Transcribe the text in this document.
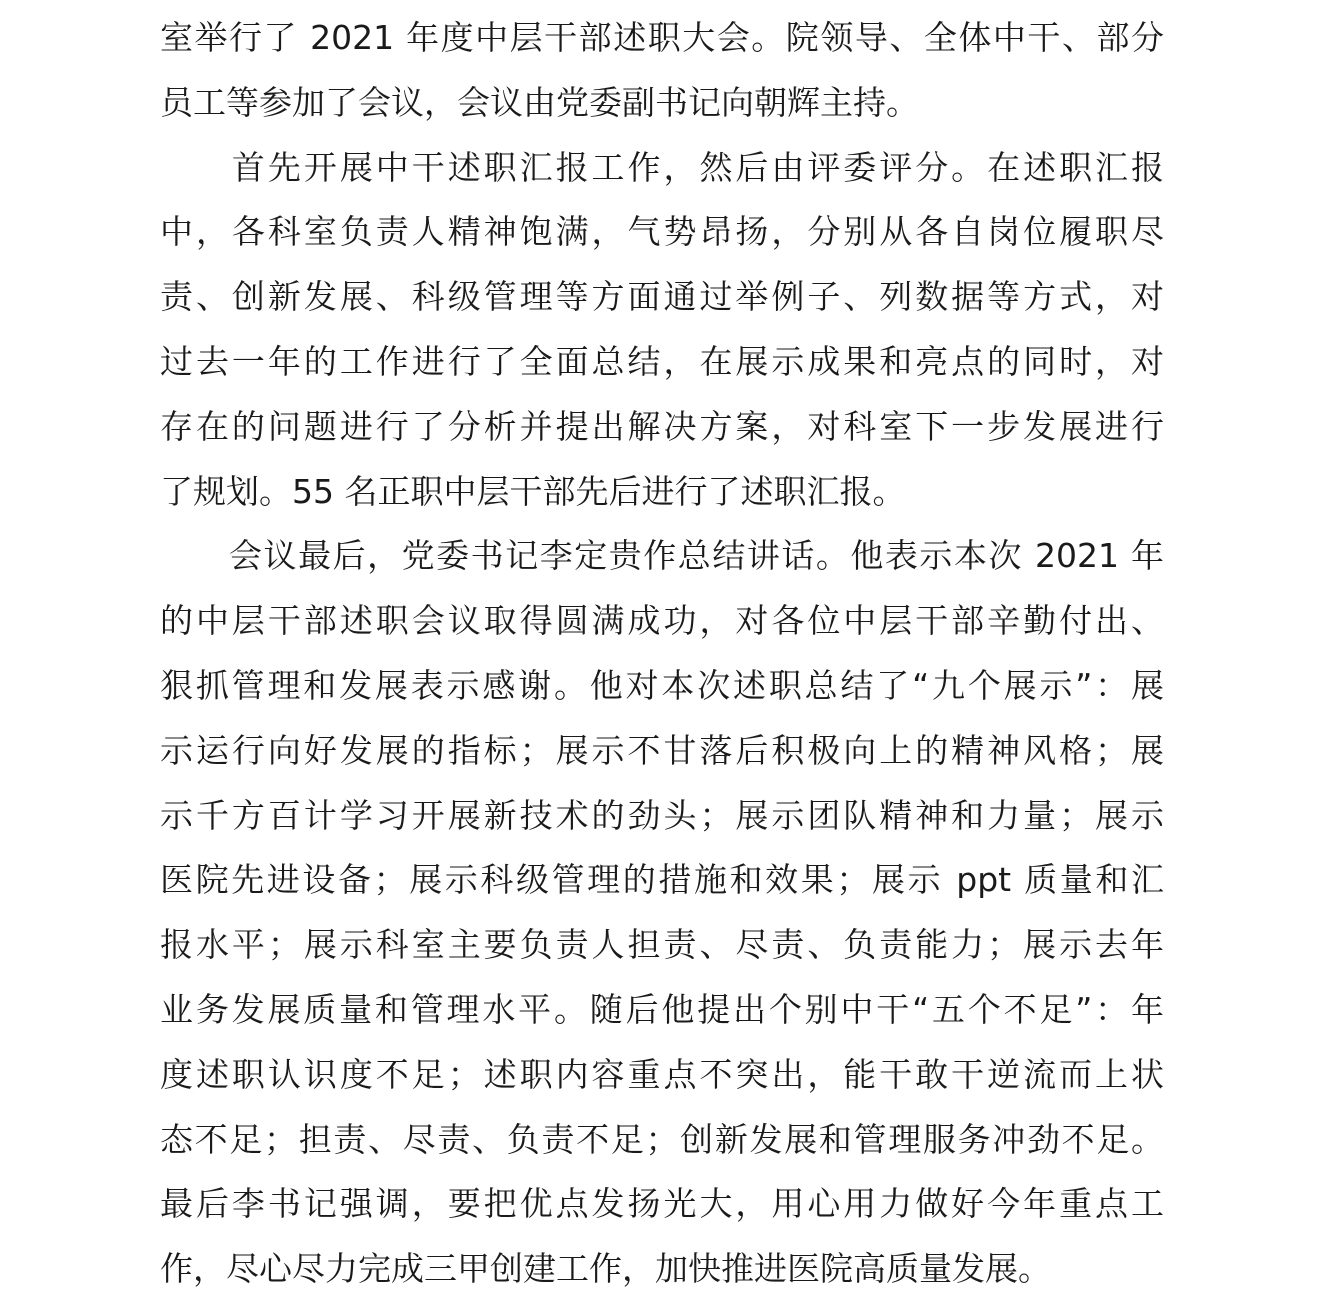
室举行了 2021 年度中层干部述职大会。院领导、全体中干、部分
员工等参加了会议，会议由党委副书记向朝辉主持。
　　首先开展中干述职汇报工作，然后由评委评分。在述职汇报
中，各科室负责人精神饱满，气势昂扬，分别从各自岗位履职尽
责、创新发展、科级管理等方面通过举例子、列数据等方式，对
过去一年的工作进行了全面总结，在展示成果和亮点的同时，对
存在的问题进行了分析并提出解决方案，对科室下一步发展进行
了规划。55 名正职中层干部先后进行了述职汇报。
　　会议最后，党委书记李定贵作总结讲话。他表示本次 2021 年
的中层干部述职会议取得圆满成功，对各位中层干部辛勤付出、
狠抓管理和发展表示感谢。他对本次述职总结了“九个展示”：展
示运行向好发展的指标；展示不甘落后积极向上的精神风格；展
示千方百计学习开展新技术的劲头；展示团队精神和力量；展示
医院先进设备；展示科级管理的措施和效果；展示 ppt 质量和汇
报水平；展示科室主要负责人担责、尽责、负责能力；展示去年
业务发展质量和管理水平。随后他提出个别中干“五个不足”：年
度述职认识度不足；述职内容重点不突出，能干敢干逆流而上状
态不足；担责、尽责、负责不足；创新发展和管理服务冲劲不足。
最后李书记强调，要把优点发扬光大，用心用力做好今年重点工
作，尽心尽力完成三甲创建工作，加快推进医院高质量发展。
